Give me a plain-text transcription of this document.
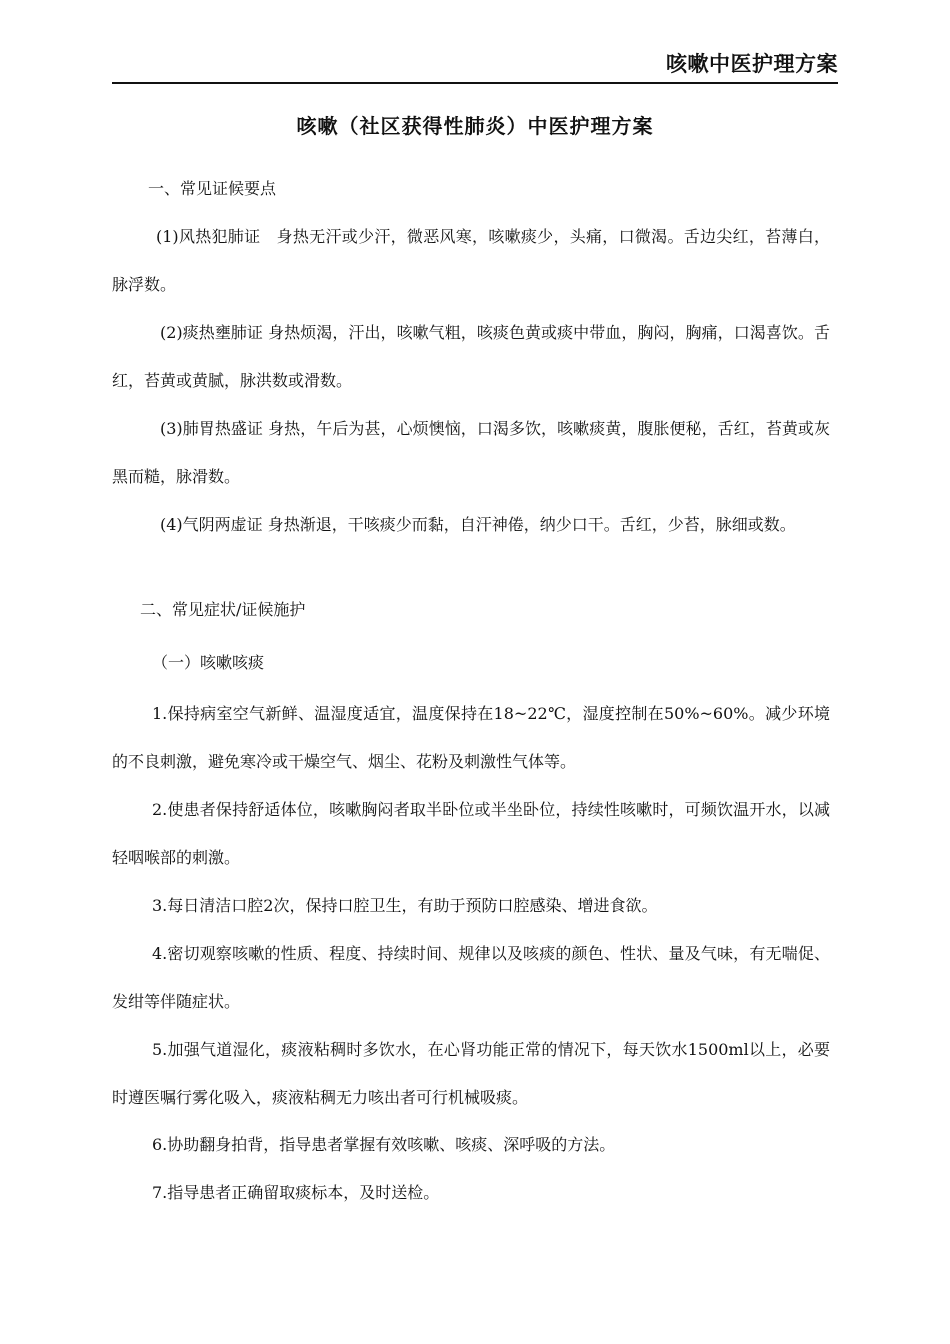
咳嗽中医护理方案
咳嗽（社区获得性肺炎）中医护理方案
一、常见证候要点
(1)风热犯肺证　身热无汗或少汗，微恶风寒，咳嗽痰少，头痛，口微渴。舌边尖红，苔薄白，脉浮数。
(2)痰热壅肺证 身热烦渴，汗出，咳嗽气粗，咳痰色黄或痰中带血，胸闷，胸痛，口渴喜饮。舌红，苔黄或黄腻，脉洪数或滑数。
(3)肺胃热盛证 身热，午后为甚，心烦懊恼，口渴多饮，咳嗽痰黄，腹胀便秘，舌红，苔黄或灰黑而糙，脉滑数。
(4)气阴两虚证 身热渐退，干咳痰少而黏，自汗神倦，纳少口干。舌红，少苔，脉细或数。
二、常见症状/证候施护
（一）咳嗽咳痰
1.保持病室空气新鲜、温湿度适宜，温度保持在18~22℃，湿度控制在50%~60%。减少环境的不良刺激，避免寒冷或干燥空气、烟尘、花粉及刺激性气体等。
2.使患者保持舒适体位，咳嗽胸闷者取半卧位或半坐卧位，持续性咳嗽时，可频饮温开水，以减轻咽喉部的刺激。
3.每日清洁口腔2次，保持口腔卫生，有助于预防口腔感染、增进食欲。
4.密切观察咳嗽的性质、程度、持续时间、规律以及咳痰的颜色、性状、量及气味，有无喘促、发绀等伴随症状。
5.加强气道湿化，痰液粘稠时多饮水，在心肾功能正常的情况下，每天饮水1500ml以上，必要时遵医嘱行雾化吸入，痰液粘稠无力咳出者可行机械吸痰。
6.协助翻身拍背，指导患者掌握有效咳嗽、咳痰、深呼吸的方法。
7.指导患者正确留取痰标本，及时送检。
